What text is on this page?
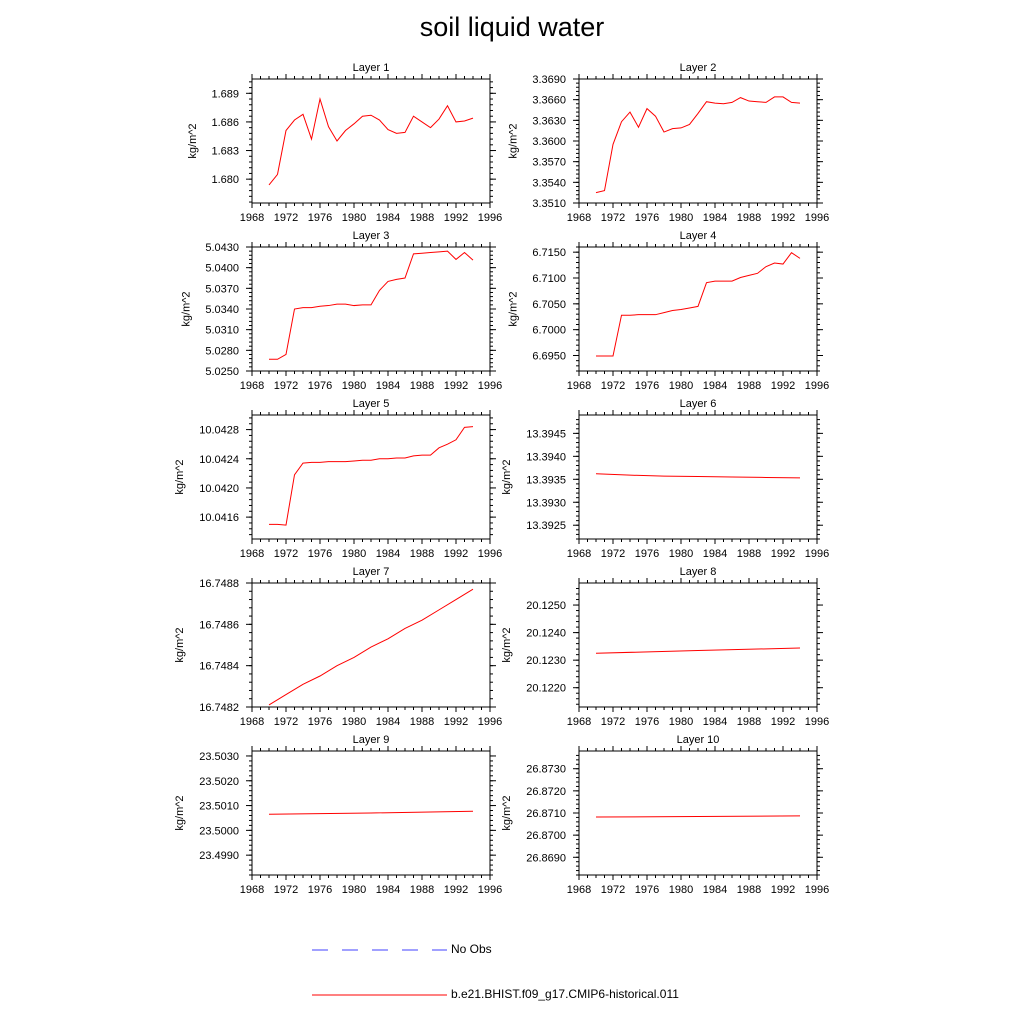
soil liquid water
Layer 1
1968 1972 1976 1980 1984 1988 1992 1996
1.680
1.683
1.686
1.689
kg/m^2
Layer 2
1968 1972 1976 1980 1984 1988 1992 1996
3.3510
3.3540
3.3570
3.3600
3.3630
3.3660
3.3690
kg/m^2
Layer 3
1968 1972 1976 1980 1984 1988 1992 1996
5.0250
5.0280
5.0310
5.0340
5.0370
5.0400
5.0430
kg/m^2
Layer 4
1968 1972 1976 1980 1984 1988 1992 1996
6.6950
6.7000
6.7050
6.7100
6.7150
kg/m^2
Layer 5
1968 1972 1976 1980 1984 1988 1992 1996
10.0416
10.0420
10.0424
10.0428
kg/m^2
Layer 6
1968 1972 1976 1980 1984 1988 1992 1996
13.3925
13.3930
13.3935
13.3940
13.3945
kg/m^2
Layer 7
1968 1972 1976 1980 1984 1988 1992 1996
16.7482
16.7484
16.7486
16.7488
kg/m^2
Layer 8
1968 1972 1976 1980 1984 1988 1992 1996
20.1220
20.1230
20.1240
20.1250
kg/m^2
Layer 9
1968 1972 1976 1980 1984 1988 1992 1996
23.4990
23.5000
23.5010
23.5020
23.5030
kg/m^2
Layer 10
1968 1972 1976 1980 1984 1988 1992 1996
26.8690
26.8700
26.8710
26.8720
26.8730
kg/m^2
No Obs
b.e21.BHIST.f09_g17.CMIP6-historical.011
